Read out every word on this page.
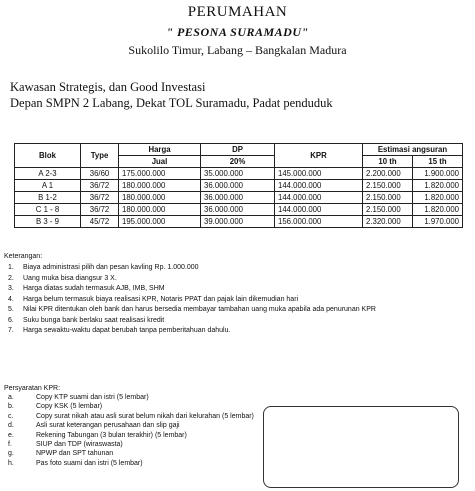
PERUMAHAN
" PESONA SURAMADU"
Sukolilo Timur, Labang – Bangkalan Madura
Kawasan Strategis, dan Good Investasi
Depan SMPN 2 Labang, Dekat TOL Suramadu, Padat penduduk
Blok	Type	Harga	DP	KPR	Estimasi angsuran	
		Jual	20%		10 th	15 th
A 2-3	36/60	175.000.000	35.000.000	145.000.000	2.200.000	1.900.000
A 1	36/72	180.000.000	36.000.000	144.000.000	2.150.000	1.820.000
B 1-2	36/72	180.000.000	36.000.000	144.000.000	2.150.000	1.820.000
C 1 - 8	36/72	180.000.000	36.000.000	144.000.000	2.150.000	1.820.000
B 3 - 9	45/72	195.000.000	39.000.000	156.000.000	2.320.000	1.970.000
Keterangan:
1.	Biaya administrasi pilih dan pesan kavling Rp. 1.000.000
2.	Uang muka bisa diangsur 3 X.
3.	Harga diatas sudah termasuk AJB, IMB, SHM
4.	Harga belum termasuk biaya realisasi KPR, Notaris PPAT dan pajak lain dikemudian hari
5.	Nilai KPR ditentukan oleh bank dan harus bersedia membayar tambahan uang muka apabila ada penurunan KPR
6.	Suku bunga bank berlaku saat realisasi kredit
7.	Harga sewaktu-waktu dapat berubah tanpa pemberitahuan dahulu.
Persyaratan KPR:
a.	Copy KTP suami dan istri (5 lembar)
b.	Copy KSK (5 lembar)
c.	Copy surat nikah atau asli surat belum nikah dari kelurahan (5 lembar)
d.	Asli surat keterangan perusahaan dan slip gaji
e.	Rekening Tabungan (3 bulan terakhir) (5 lembar)
f.	SIUP dan TDP (wiraswasta)
g.	NPWP dan SPT tahunan
h.	Pas foto suami dan istri (5 lembar)
